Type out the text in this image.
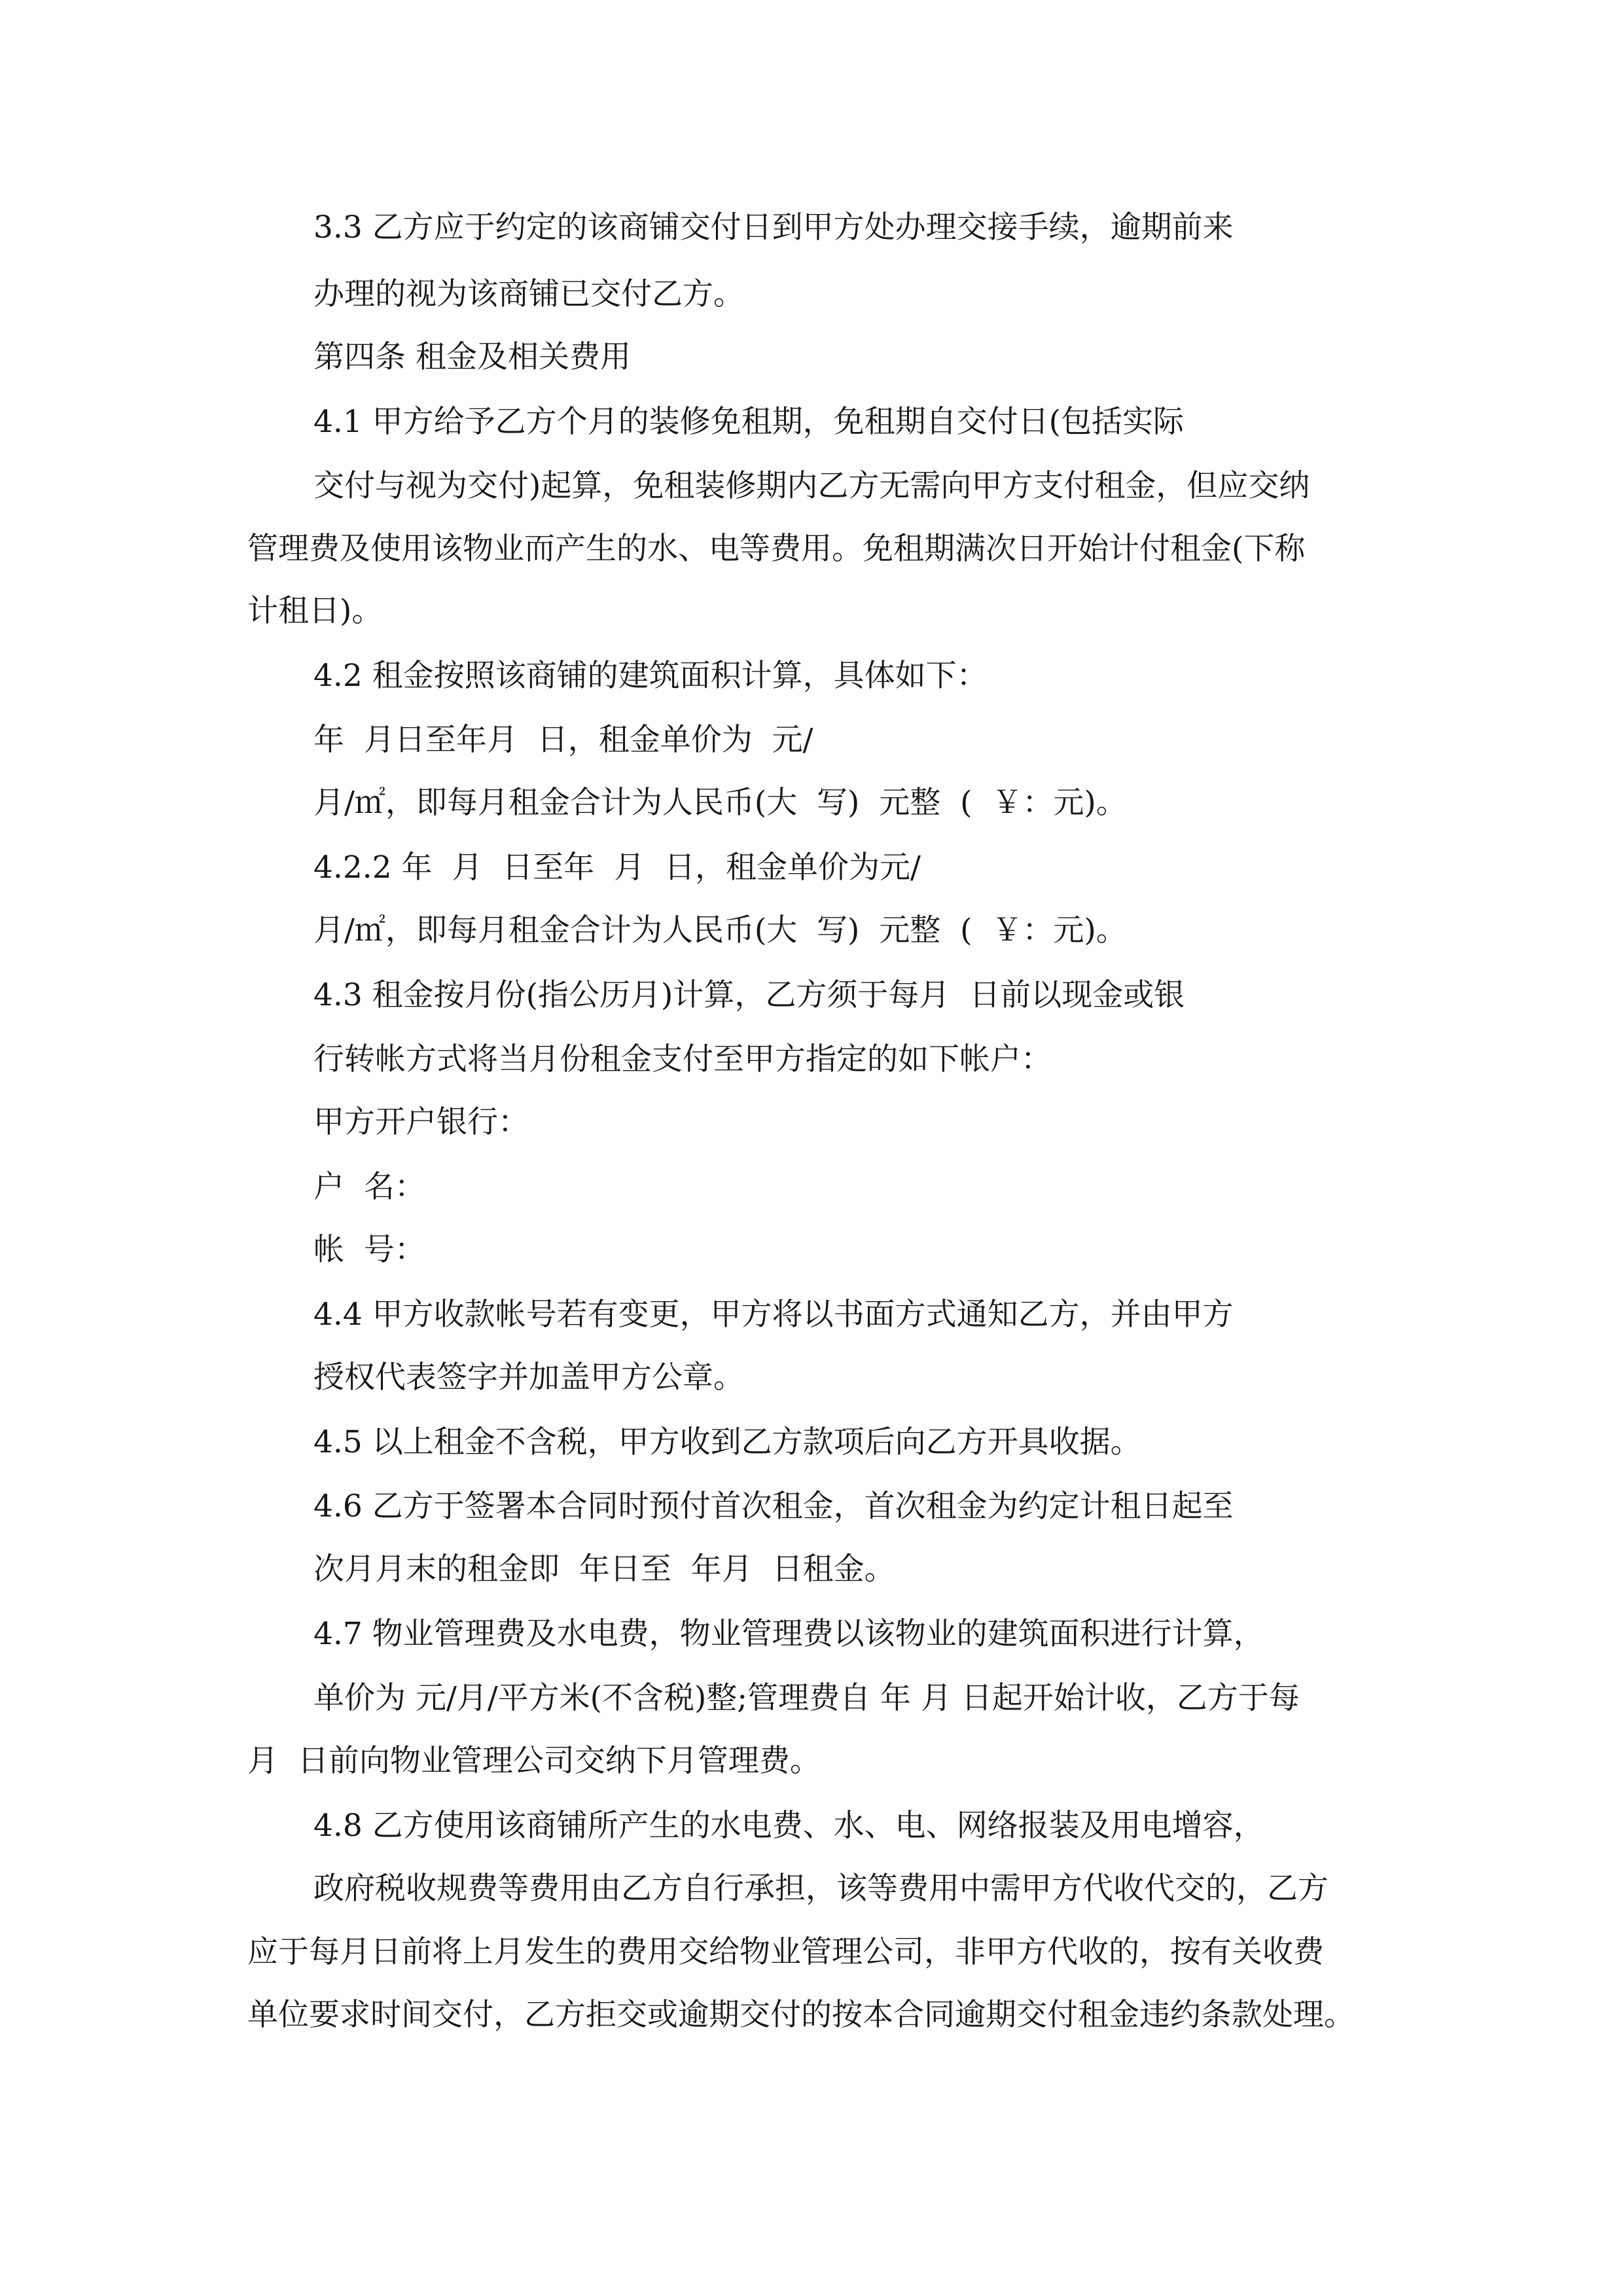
3.3 乙方应于约定的该商铺交付日到甲方处办理交接手续，逾期前来

办理的视为该商铺已交付乙方。

第四条 租金及相关费用

4.1 甲方给予乙方个月的装修免租期，免租期自交付日(包括实际

交付与视为交付)起算，免租装修期内乙方无需向甲方支付租金，但应交纳

管理费及使用该物业而产生的水、电等费用。免租期满次日开始计付租金(下称

计租日)。

4.2 租金按照该商铺的建筑面积计算，具体如下：

年  月日至年月  日，租金单价为  元/

月/㎡，即每月租金合计为人民币(大  写)  元整  (  ￥：元)。

4.2.2 年  月  日至年  月  日，租金单价为元/

月/㎡，即每月租金合计为人民币(大  写)  元整  (  ￥：元)。

4.3 租金按月份(指公历月)计算，乙方须于每月  日前以现金或银

行转帐方式将当月份租金支付至甲方指定的如下帐户：

甲方开户银行：

户  名：

帐  号：

4.4 甲方收款帐号若有变更，甲方将以书面方式通知乙方，并由甲方

授权代表签字并加盖甲方公章。

4.5 以上租金不含税，甲方收到乙方款项后向乙方开具收据。

4.6 乙方于签署本合同时预付首次租金，首次租金为约定计租日起至

次月月末的租金即  年日至  年月  日租金。

4.7 物业管理费及水电费，物业管理费以该物业的建筑面积进行计算，

单价为 元/月/平方米(不含税)整;管理费自 年 月 日起开始计收，乙方于每

月  日前向物业管理公司交纳下月管理费。

4.8 乙方使用该商铺所产生的水电费、水、电、网络报装及用电增容，

政府税收规费等费用由乙方自行承担，该等费用中需甲方代收代交的，乙方

应于每月日前将上月发生的费用交给物业管理公司，非甲方代收的，按有关收费

单位要求时间交付，乙方拒交或逾期交付的按本合同逾期交付租金违约条款处理。
